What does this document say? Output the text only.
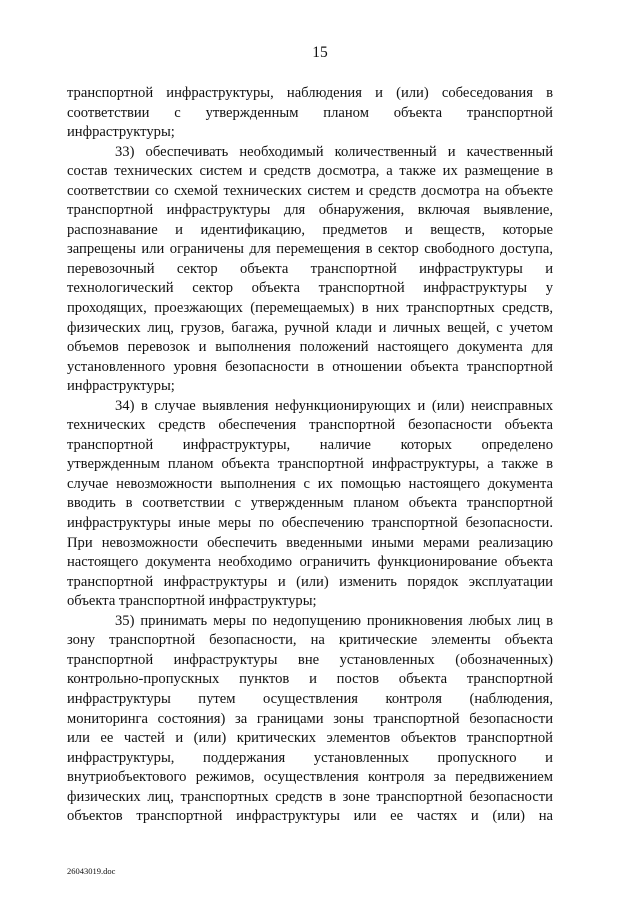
15
транспортной инфраструктуры, наблюдения и (или) собеседования в
соответствии с утвержденным планом объекта транспортной
инфраструктуры;
33) обеспечивать необходимый количественный и качественный
состав технических систем и средств досмотра, а также их размещение в
соответствии со схемой технических систем и средств досмотра на объекте
транспортной инфраструктуры для обнаружения, включая выявление,
распознавание и идентификацию, предметов и веществ, которые
запрещены или ограничены для перемещения в сектор свободного доступа,
перевозочный сектор объекта транспортной инфраструктуры и
технологический сектор объекта транспортной инфраструктуры у
проходящих, проезжающих (перемещаемых) в них транспортных средств,
физических лиц, грузов, багажа, ручной клади и личных вещей, с учетом
объемов перевозок и выполнения положений настоящего документа для
установленного уровня безопасности в отношении объекта транспортной
инфраструктуры;
34) в случае выявления нефункционирующих и (или) неисправных
технических средств обеспечения транспортной безопасности объекта
транспортной инфраструктуры, наличие которых определено
утвержденным планом объекта транспортной инфраструктуры, а также в
случае невозможности выполнения с их помощью настоящего документа
вводить в соответствии с утвержденным планом объекта транспортной
инфраструктуры иные меры по обеспечению транспортной безопасности.
При невозможности обеспечить введенными иными мерами реализацию
настоящего документа необходимо ограничить функционирование объекта
транспортной инфраструктуры и (или) изменить порядок эксплуатации
объекта транспортной инфраструктуры;
35) принимать меры по недопущению проникновения любых лиц в
зону транспортной безопасности, на критические элементы объекта
транспортной инфраструктуры вне установленных (обозначенных)
контрольно-пропускных пунктов и постов объекта транспортной
инфраструктуры путем осуществления контроля (наблюдения,
мониторинга состояния) за границами зоны транспортной безопасности
или ее частей и (или) критических элементов объектов транспортной
инфраструктуры, поддержания установленных пропускного и
внутриобъектового режимов, осуществления контроля за передвижением
физических лиц, транспортных средств в зоне транспортной безопасности
объектов транспортной инфраструктуры или ее частях и (или) на
26043019.doc
